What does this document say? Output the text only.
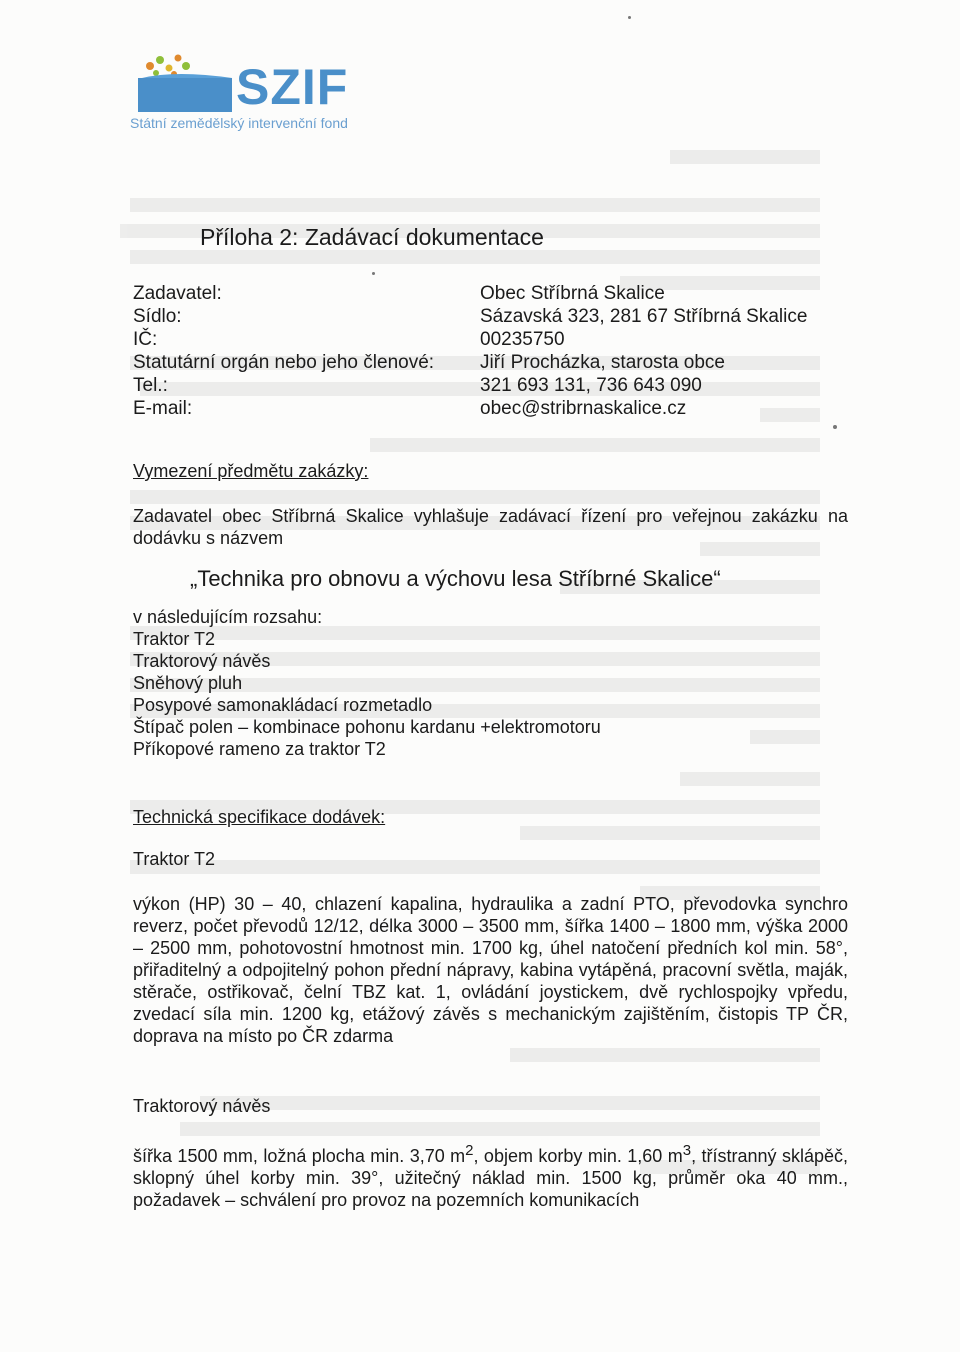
SZIF
Státní zemědělský intervenční fond
Příloha 2: Zadávací dokumentace
Zadavatel:	Obec Stříbrná Skalice
Sídlo:	Sázavská 323, 281 67 Stříbrná Skalice
IČ:	00235750
Statutární orgán nebo jeho členové: Jiří Procházka, starosta obce
Tel.:	321 693 131, 736 643 090
E-mail:	obec@stribrnaskalice.cz
Vymezení předmětu zakázky:
Zadavatel obec Stříbrná Skalice vyhlašuje zadávací řízení pro veřejnou zakázku na dodávku s názvem
„Technika pro obnovu a výchovu lesa Stříbrné Skalice“
v následujícím rozsahu:
Traktor T2
Traktorový návěs
Sněhový pluh
Posypové samonakládací rozmetadlo
Štípač polen – kombinace pohonu kardanu +elektromotoru
Příkopové rameno za traktor T2
Technická specifikace dodávek:
Traktor T2
výkon (HP) 30 – 40, chlazení kapalina, hydraulika a zadní PTO, převodovka synchro reverz, počet převodů 12/12, délka 3000 – 3500 mm, šířka 1400 – 1800 mm, výška 2000 – 2500 mm, pohotovostní hmotnost min. 1700 kg, úhel natočení předních kol min. 58°, přiřaditelný a odpojitelný pohon přední nápravy, kabina vytápěná, pracovní světla, maják, stěrače, ostřikovač, čelní TBZ kat. 1, ovládání joystickem, dvě rychlospojky vpředu, zvedací síla min. 1200 kg, etážový závěs s mechanickým zajištěním, čistopis TP ČR, doprava na místo po ČR zdarma
Traktorový návěs
šířka 1500 mm, ložná plocha min. 3,70 $m^2$, objem korby min. 1,60 $m^3$, třístranný sklápěč, sklopný úhel korby min. 39°, užitečný náklad min. 1500 kg, průměr oka 40 mm., požadavek – schválení pro provoz na pozemních komunikacích
